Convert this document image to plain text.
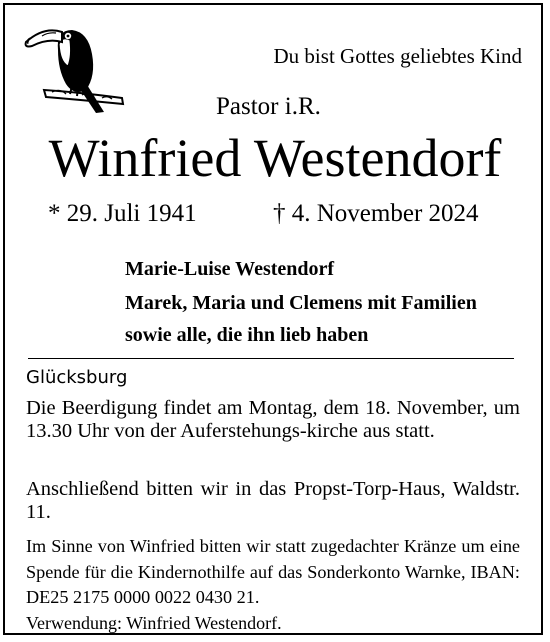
Du bist Gottes geliebtes Kind
Pastor i.R.
Winfried Westendorf
* 29. Juli 1941	† 4. November 2024
Marie-Luise Westendorf
Marek, Maria und Clemens mit Familien
sowie alle, die ihn lieb haben
Glücksburg
Die Beerdigung findet am Montag, dem 18. November, um 13.30 Uhr von der Auferstehungs-kirche aus statt.
Anschließend bitten wir in das Propst-Torp-Haus, Waldstr. 11.
Im Sinne von Winfried bitten wir statt zugedachter Kränze um eine Spende für die Kindernothilfe auf das Sonderkonto Warnke, IBAN: DE25 2175 0000 0022 0430 21.
Verwendung: Winfried Westendorf.
